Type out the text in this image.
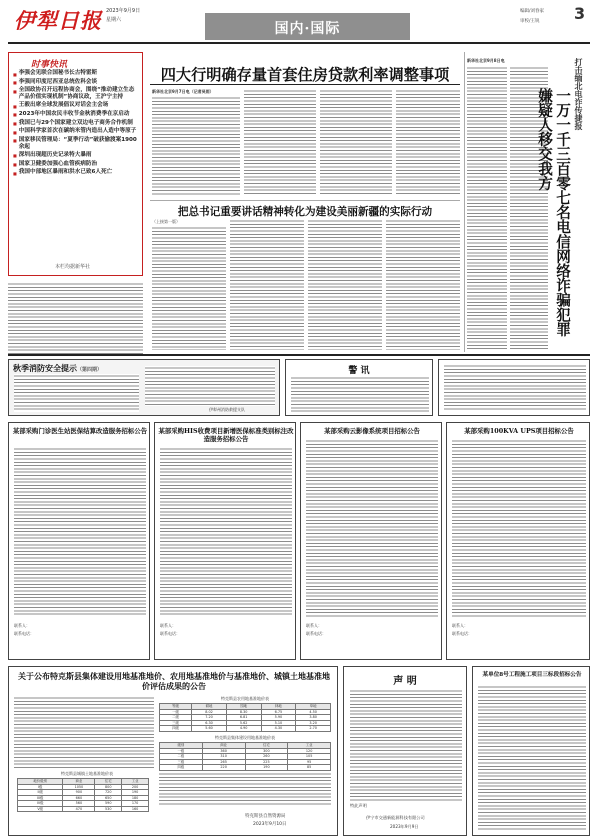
伊犁日报 2023年9月9日
星期六
国内·国际
编辑/刘春家
审校/王锐 3
时事快讯
■ 李强会见联合国秘书长古特雷斯
■ 李强同印度尼西亚总统佐科会谈
■ 全国政协召开远程协商会，围绕“推动建立生态产品价值实现机制”协商议政，王沪宁主持
■ 王毅出席全球发展倡议对话会主会场
■ 2023年中国农民丰收节金秋消费季在京启动
■ 我国已与29个国家建立双边电子商务合作机制
■ 中国科学家首次在碳纳米管内造出人造中等原子
■ 国家移民管理局：“夏季行动”破获偷渡案1900余起
■ 深圳出现超历史记录特大暴雨
■ 国家卫健委加强心血管疾病防治
■ 我国中部地区暴雨和洪水已致6人死亡
本栏均据新华社
四大行明确存量首套住房贷款利率调整事项
新华社北京9月7日电（记者吴雨）
新华社北京9月8日电	打击缅北电诈传捷报
一万一千三百零七名电信网络诈骗犯罪嫌疑人移交我方
把总书记重要讲话精神转化为建设美丽新疆的实际行动
（上接第一版）
秋季消防安全提示（第四期）
伊犁州消防救援支队
警 讯
某部采购门诊医生站医保结算改造服务招标公告
联系人：
联系电话：
某部采购HIS收费项目新增医保标准类别标注改造服务招标公告
联系人：
联系电话：
某部采购云影像系统项目招标公告
联系人：
联系电话：
某部采购100KVA UPS项目招标公告
联系人：
联系电话：
关于公布特克斯县集体建设用地基准地价、农用地基准地价与基准地价、城镇土地基准地价评估成果的公告
特克斯县城镇土地基准地价表
地价级别	商业	住宅	工业
I级	1050	800	200
II级	900	720	190
III级	660	650	180
IV级	560	590	170
V级	470	530	160
特克斯县农用地基准地价表
等级	耕地	园地	林地	草地
一级	8.02	8.30	6.75	4.50
二级	7.20	6.81	5.90	3.80
三级	6.30	5.62	5.10	3.20
四级	5.60	4.90	4.30	2.70
特克斯县集体建设用地基准地价表
级别	商业	住宅	工业
一级	360	300	120
二级	310	260	105
三级	265	225	95
四级	220	190	85
特克斯县自然资源局
2023年9月10日
声 明
特此声明
伊宁市交通新能源科技有限公司
2023年9月9日
某单位8号工程施工项目三标段招标公告
